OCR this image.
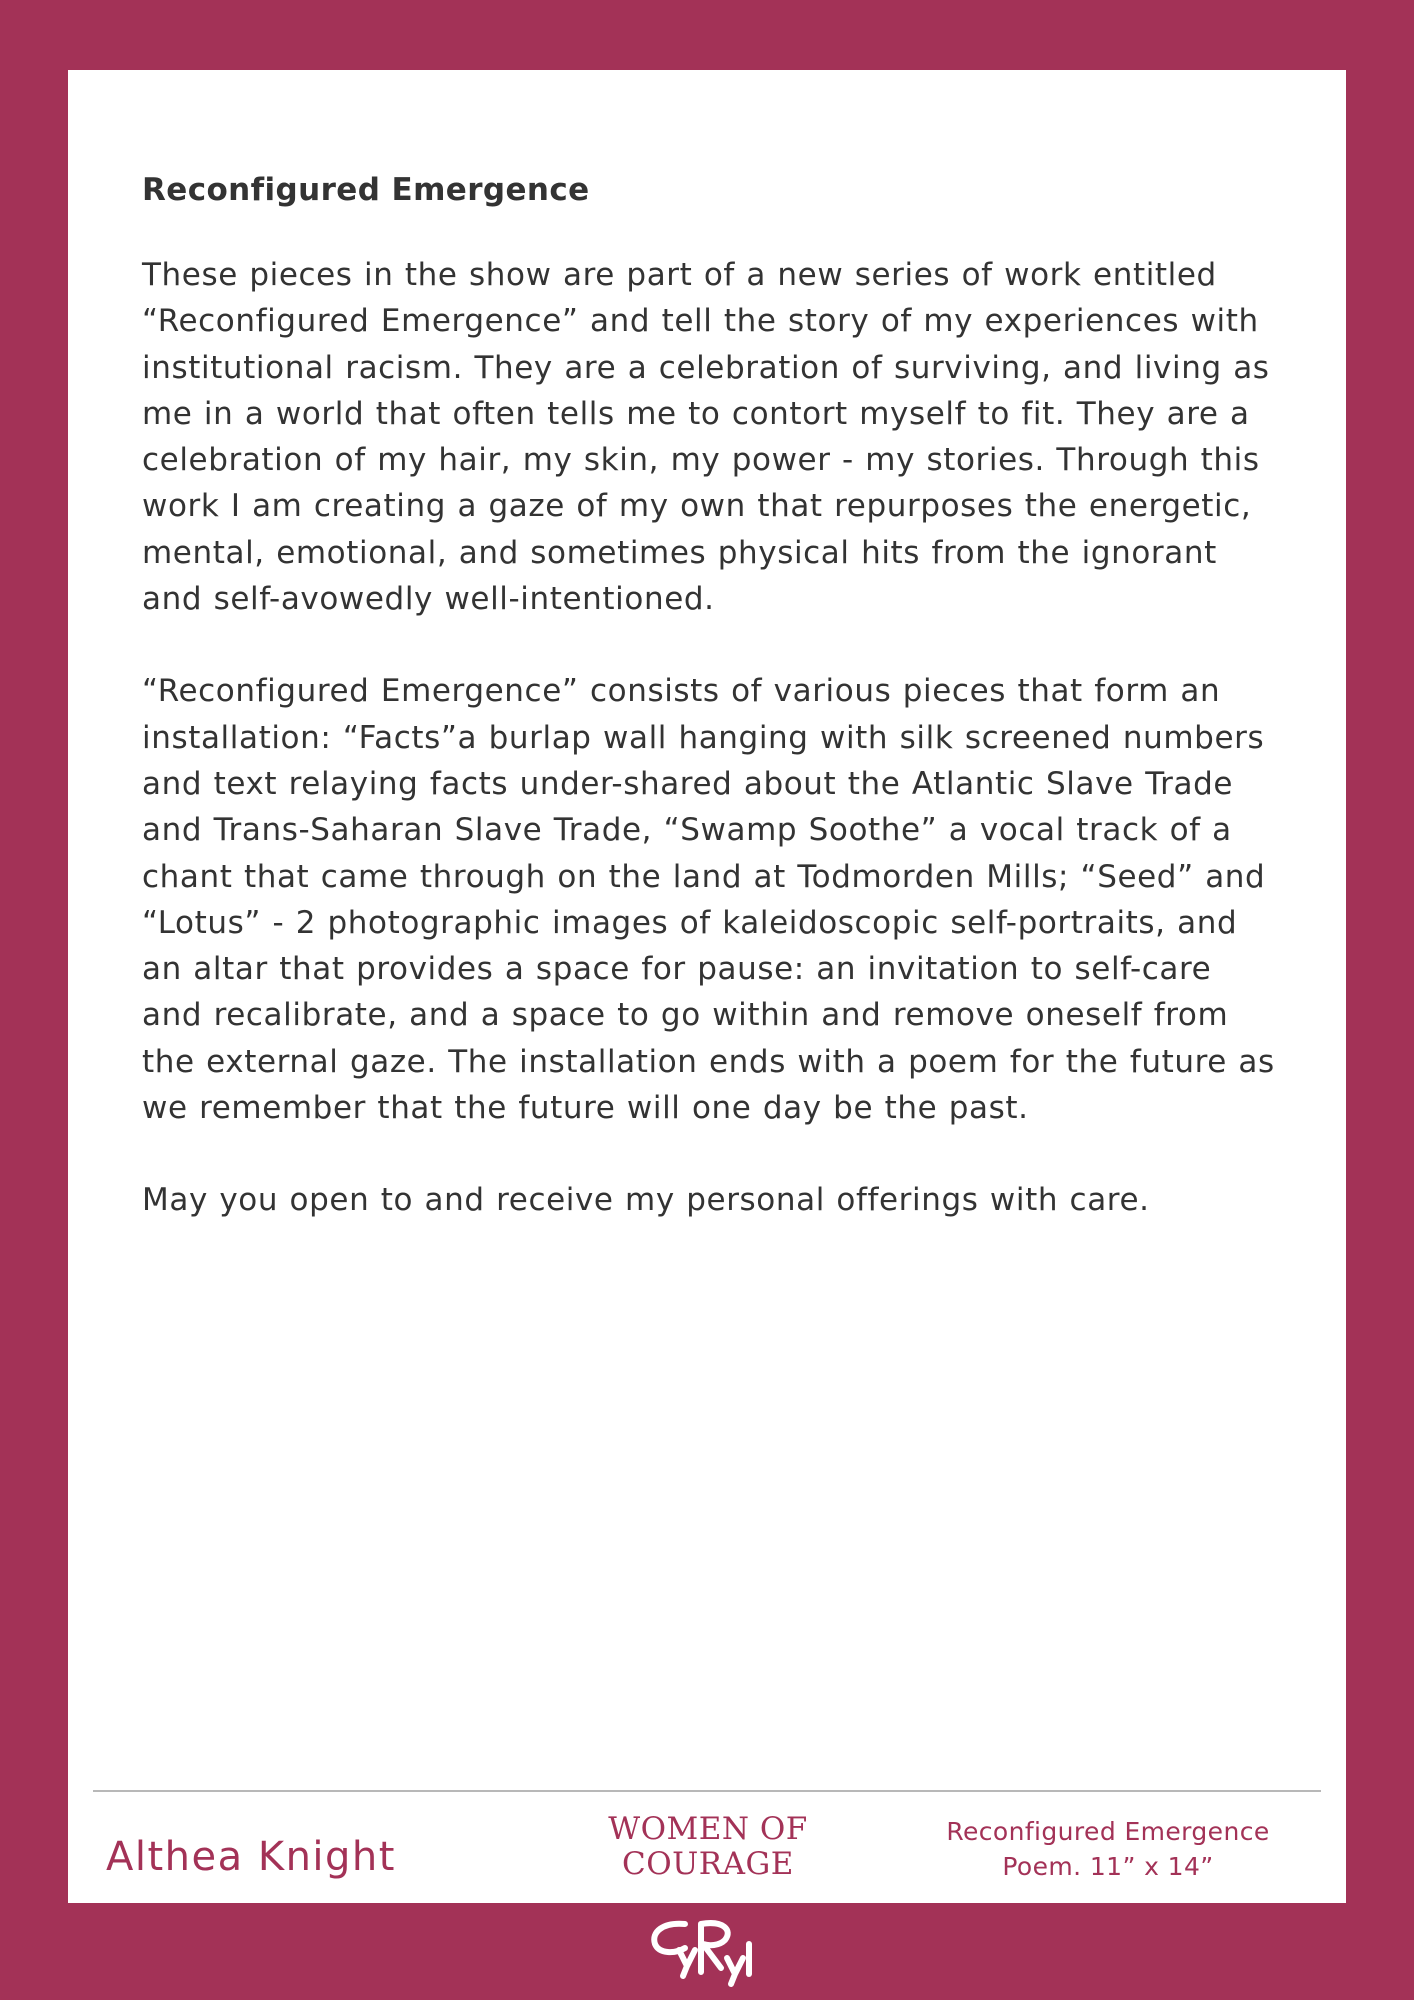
Reconfigured Emergence

These pieces in the show are part of a new series of work entitled “Reconfigured Emergence” and tell the story of my experiences with institutional racism. They are a celebration of surviving, and living as me in a world that often tells me to contort myself to fit. They are a celebration of my hair, my skin, my power - my stories. Through this work I am creating a gaze of my own that repurposes the energetic, mental, emotional, and sometimes physical hits from the ignorant and self-avowedly well-intentioned.

“Reconfigured Emergence” consists of various pieces that form an installation: “Facts”a burlap wall hanging with silk screened numbers and text relaying facts under-shared about the Atlantic Slave Trade and Trans-Saharan Slave Trade, “Swamp Soothe” a vocal track of a chant that came through on the land at Todmorden Mills; “Seed” and “Lotus” - 2 photographic images of kaleidoscopic self-portraits, and an altar that provides a space for pause: an invitation to self-care and recalibrate, and a space to go within and remove oneself from the external gaze. The installation ends with a poem for the future as we remember that the future will one day be the past.

May you open to and receive my personal offerings with care.

Althea Knight
WOMEN OF
COURAGE
Reconfigured Emergence
Poem. 11” x 14”
